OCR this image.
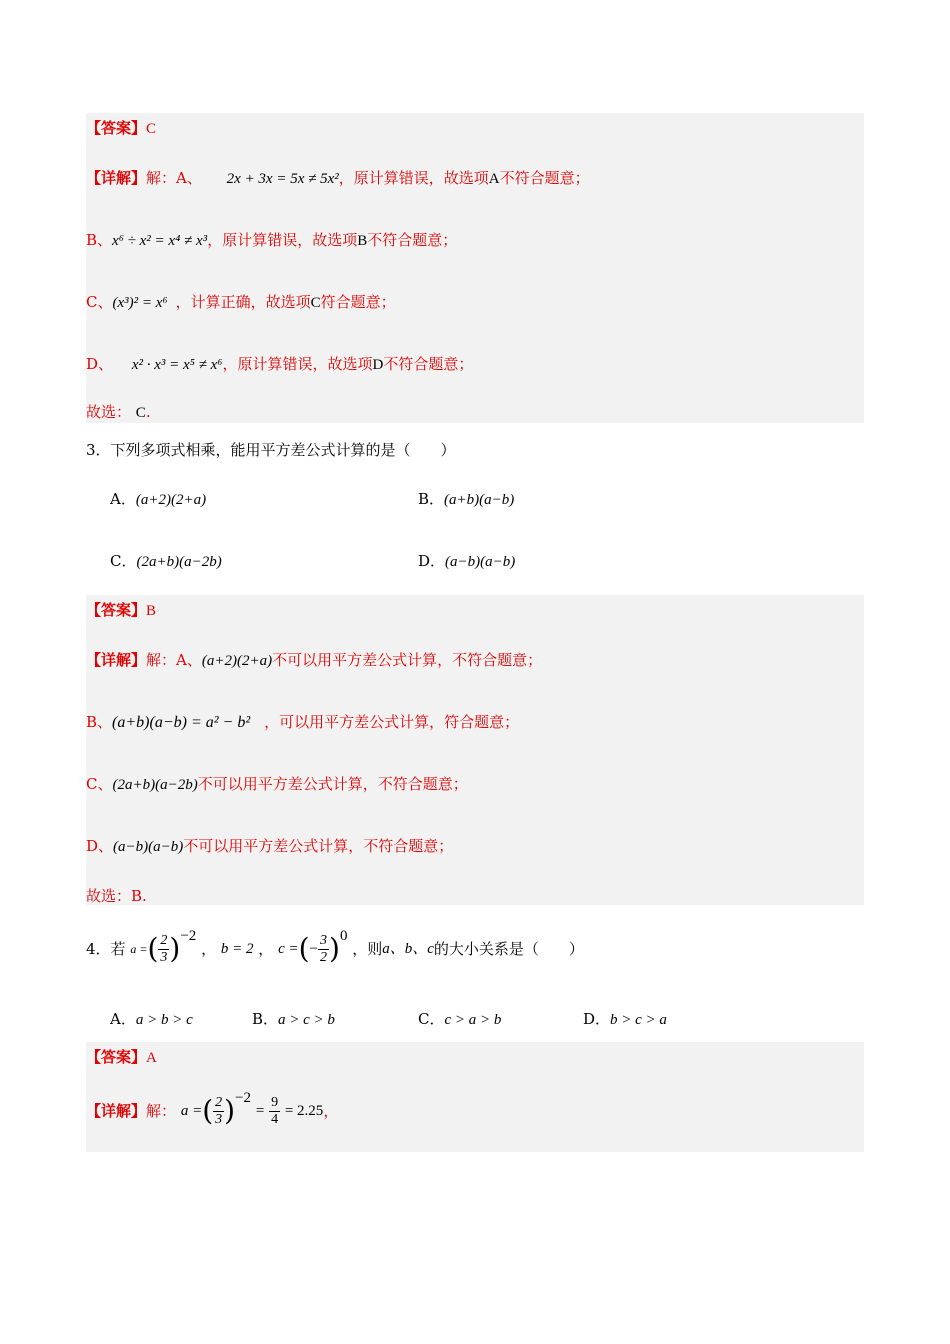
【答案】C
【详解】解：A、 2x + 3x = 5x ≠ 5x²，原计算错误，故选项A不符合题意；
B、x⁶ ÷ x² = x⁴ ≠ x³，原计算错误，故选项B不符合题意；
C、(x³)² = x⁶ ，计算正确，故选项C符合题意；
D、 x² · x³ = x⁵ ≠ x⁶，原计算错误，故选项D不符合题意；
故选： C.
3．下列多项式相乘，能用平方差公式计算的是（　　）
A．(a+2)(2+a)	B．(a+b)(a−b)
C．(2a+b)(a−2b)	D．(a−b)(a−b)
【答案】B
【详解】解：A、(a+2)(2+a)不可以用平方差公式计算，不符合题意；
B、(a+b)(a−b) = a² − b² ，可以用平方差公式计算，符合题意；
C、(2a+b)(a−2b)不可以用平方差公式计算，不符合题意；
D、(a−b)(a−b)不可以用平方差公式计算，不符合题意；
故选：B.
4．若 a =( $\frac{2}{3} )^{-2}$ ， b = 2 ， c =(− $\frac{3}{2} )^0$ ，则a、b、c的大小关系是（　　）
A．a > b > c	B．a > c > b	C．c > a > b	D．b > c > a
【答案】A
【详解】解： a =( $\frac{2}{3} )^{-2} = \frac{9}{4} = 2.25$，
